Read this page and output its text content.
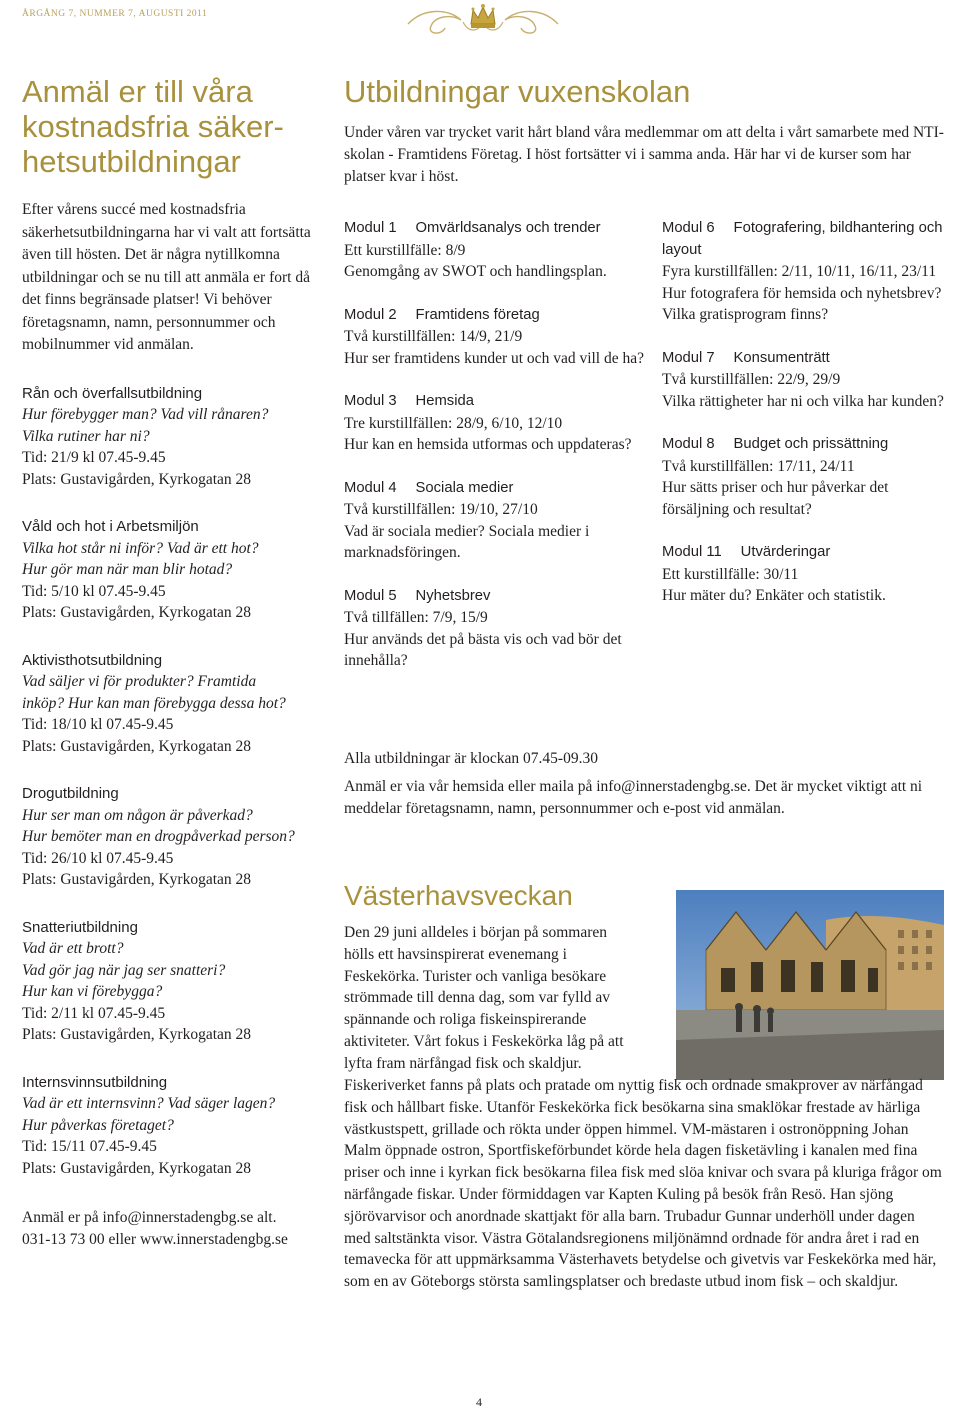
ÅRGÅNG 7, NUMMER 7, AUGUSTI 2011
Anmäl er till våra kostnadsfria säker-hetsutbildningar

Efter vårens succé med kostnadsfria säkerhetsutbildningarna har vi valt att fortsätta även till hösten. Det är några nytillkomna utbildningar och se nu till att anmäla er fort då det finns begränsade platser! Vi behöver företagsnamn, namn, personnummer och mobilnummer vid anmälan.

Rån och överfallsutbildning
Hur förebygger man? Vad vill rånaren?
Vilka rutiner har ni?
Tid: 21/9 kl 07.45-9.45
Plats: Gustavigården, Kyrkogatan 28
Våld och hot i Arbetsmiljön
Vilka hot står ni inför? Vad är ett hot?
Hur gör man när man blir hotad?
Tid: 5/10 kl 07.45-9.45
Plats: Gustavigården, Kyrkogatan 28
Aktivisthotsutbildning
Vad säljer vi för produkter? Framtida
inköp? Hur kan man förebygga dessa hot?
Tid: 18/10 kl 07.45-9.45
Plats: Gustavigården, Kyrkogatan 28
Drogutbildning
Hur ser man om någon är påverkad?
Hur bemöter man en drogpåverkad person?
Tid: 26/10 kl 07.45-9.45
Plats: Gustavigården, Kyrkogatan 28
Snatteriutbildning
Vad är ett brott?
Vad gör jag när jag ser snatteri?
Hur kan vi förebygga?
Tid: 2/11 kl 07.45-9.45
Plats: Gustavigården, Kyrkogatan 28
Internsvinnsutbildning
Vad är ett internsvinn? Vad säger lagen?
Hur påverkas företaget?
Tid: 15/11 07.45-9.45
Plats: Gustavigården, Kyrkogatan 28
Anmäl er på info@innerstadengbg.se alt.
031-13 73 00 eller www.innerstadengbg.se
Utbildningar vuxenskolan

Under våren var trycket varit hårt bland våra medlemmar om att delta i vårt samarbete med NTI-skolan - Framtidens Företag. I höst fortsätter vi i samma anda. Här har vi de kurser som har platser kvar i höst.

Modul 1  Omvärldsanalys och trender
Ett kurstillfälle: 8/9
Genomgång av SWOT och handlingsplan.
Modul 2  Framtidens företag
Två kurstillfällen: 14/9, 21/9
Hur ser framtidens kunder ut och vad vill de ha?
Modul 3  Hemsida
Tre kurstillfällen: 28/9, 6/10, 12/10
Hur kan en hemsida utformas och uppdateras?
Modul 4  Sociala medier
Två kurstillfällen: 19/10, 27/10
Vad är sociala medier? Sociala medier i marknadsföringen.
Modul 5  Nyhetsbrev
Två tillfällen: 7/9, 15/9
Hur används det på bästa vis och vad bör det innehålla?
Modul 6  Fotografering, bildhantering och layout
Fyra kurstillfällen: 2/11, 10/11, 16/11, 23/11
Hur fotografera för hemsida och nyhetsbrev? Vilka gratisprogram finns?
Modul 7  Konsumenträtt
Två kurstillfällen: 22/9, 29/9
Vilka rättigheter har ni och vilka har kunden?
Modul 8  Budget och prissättning
Två kurstillfällen: 17/11, 24/11
Hur sätts priser och hur påverkar det försäljning och resultat?
Modul 11  Utvärderingar
Ett kurstillfälle: 30/11
Hur mäter du? Enkäter och statistik.

Alla utbildningar är klockan 07.45-09.30

Anmäl er via vår hemsida eller maila på info@innerstadengbg.se. Det är mycket viktigt att ni meddelar företagsnamn, namn, personnummer och e-post vid anmälan.

Västerhavsveckan

Den 29 juni alldeles i början på sommaren hölls ett havsinspirerat evenemang i Feskekörka. Turister och vanliga besökare strömmade till denna dag, som var fylld av spännande och roliga fiskeinspirerande aktiviteter. Vårt fokus i Feskekörka låg på att lyfta fram närfångad fisk och skaldjur.

Fiskeriverket fanns på plats och pratade om nyttig fisk och ordnade smakprover av närfångad fisk och hållbart fiske. Utanför Feskekörka fick besökarna sina smaklökar frestade av härliga västkustspett, grillade och rökta under öppen himmel. VM-mästaren i ostronöppning Johan Malm öppnade ostron, Sportfiskeförbundet körde hela dagen fisketävling i kanalen med fina priser och inne i kyrkan fick besökarna filea fisk med slöa knivar och svara på kluriga frågor om närfångade fiskar. Under förmiddagen var Kapten Kuling på besök från Resö. Han sjöng sjörövarvisor och anordnade skattjakt för alla barn. Trubadur Gunnar underhöll under dagen med saltstänkta visor. Västra Götalandsregionens miljönämnd ordnade för andra året i rad en temavecka för att uppmärksamma Västerhavets betydelse och givetvis var Feskekörka med här, som en av Göteborgs största samlingsplatser och bredaste utbud inom fisk – och skaldjur.

4
